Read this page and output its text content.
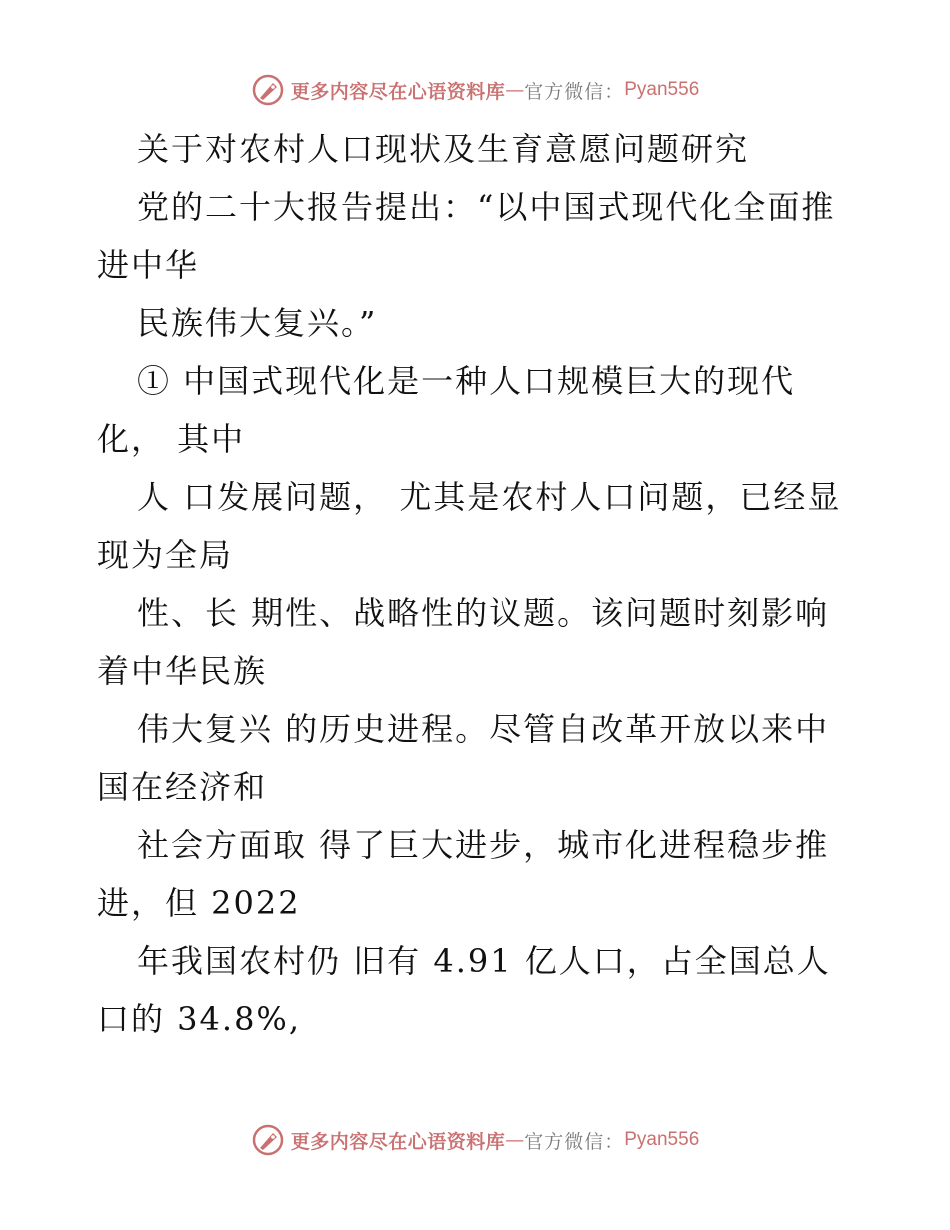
更多内容尽在心语资料库 — 官方微信： Pyan556
关于对农村人口现状及生育意愿问题研究
党的二十大报告提出：“以中国式现代化全面推
进中华
民族伟大复兴。”
① 中国式现代化是一种人口规模巨大的现代
化， 其中
人 口发展问题， 尤其是农村人口问题，已经显
现为全局
性、长 期性、战略性的议题。该问题时刻影响
着中华民族
伟大复兴 的历史进程。尽管自改革开放以来中
国在经济和
社会方面取 得了巨大进步，城市化进程稳步推
进，但 2022
年我国农村仍 旧有 4.91 亿人口，占全国总人
口的 34.8%,
更多内容尽在心语资料库 — 官方微信： Pyan556
